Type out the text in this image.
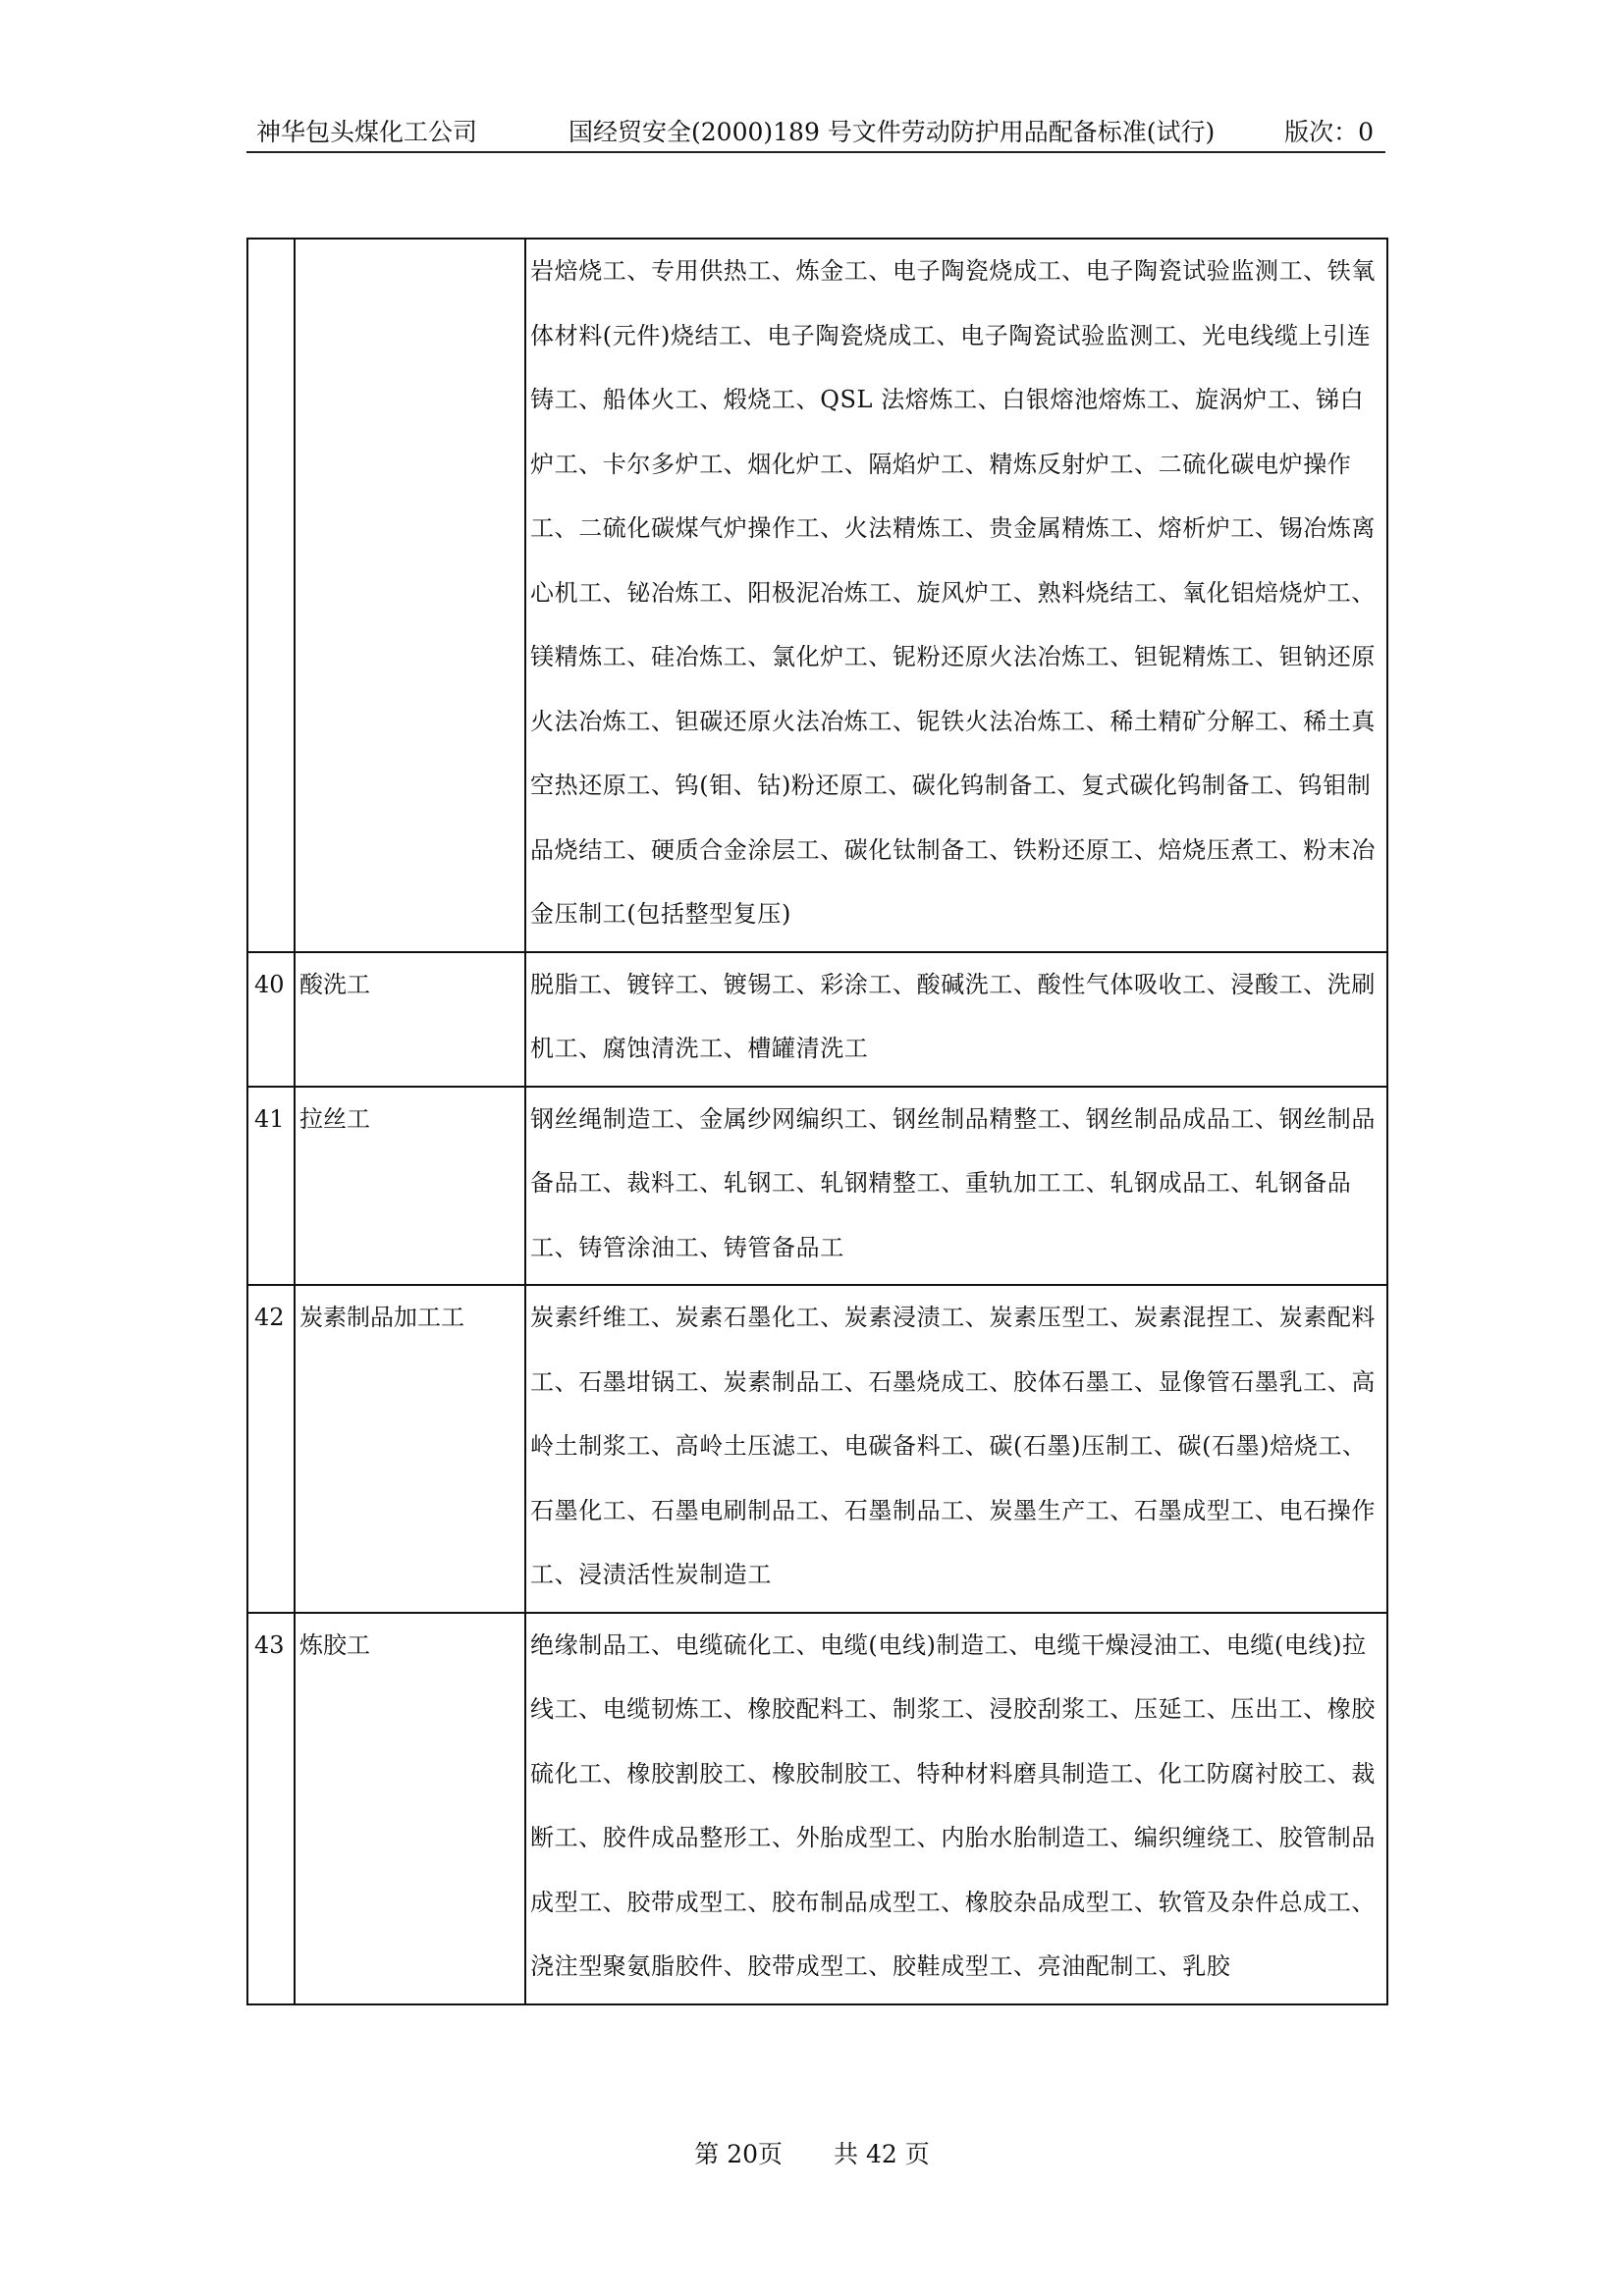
神华包头煤化工公司	国经贸安全(2000)189 号文件劳动防护用品配备标准(试行)	版次：0

		岩焙烧工、专用供热工、炼金工、电子陶瓷烧成工、电子陶瓷试验监测工、铁氧体材料(元件)烧结工、电子陶瓷烧成工、电子陶瓷试验监测工、光电线缆上引连铸工、船体火工、煅烧工、QSL 法熔炼工、白银熔池熔炼工、旋涡炉工、锑白炉工、卡尔多炉工、烟化炉工、隔焰炉工、精炼反射炉工、二硫化碳电炉操作工、二硫化碳煤气炉操作工、火法精炼工、贵金属精炼工、熔析炉工、锡冶炼离心机工、铋冶炼工、阳极泥冶炼工、旋风炉工、熟料烧结工、氧化铝焙烧炉工、镁精炼工、硅冶炼工、氯化炉工、铌粉还原火法冶炼工、钽铌精炼工、钽钠还原火法冶炼工、钽碳还原火法冶炼工、铌铁火法冶炼工、稀土精矿分解工、稀土真空热还原工、钨(钼、钴)粉还原工、碳化钨制备工、复式碳化钨制备工、钨钼制品烧结工、硬质合金涂层工、碳化钛制备工、铁粉还原工、焙烧压煮工、粉末冶金压制工(包括整型复压)

40	酸洗工	脱脂工、镀锌工、镀锡工、彩涂工、酸碱洗工、酸性气体吸收工、浸酸工、洗刷机工、腐蚀清洗工、槽罐清洗工

41	拉丝工	钢丝绳制造工、金属纱网编织工、钢丝制品精整工、钢丝制品成品工、钢丝制品备品工、裁料工、轧钢工、轧钢精整工、重轨加工工、轧钢成品工、轧钢备品工、铸管涂油工、铸管备品工

42	炭素制品加工工	炭素纤维工、炭素石墨化工、炭素浸渍工、炭素压型工、炭素混捏工、炭素配料工、石墨坩锅工、炭素制品工、石墨烧成工、胶体石墨工、显像管石墨乳工、高岭土制浆工、高岭土压滤工、电碳备料工、碳(石墨)压制工、碳(石墨)焙烧工、石墨化工、石墨电刷制品工、石墨制品工、炭墨生产工、石墨成型工、电石操作工、浸渍活性炭制造工

43	炼胶工	绝缘制品工、电缆硫化工、电缆(电线)制造工、电缆干燥浸油工、电缆(电线)拉线工、电缆韧炼工、橡胶配料工、制浆工、浸胶刮浆工、压延工、压出工、橡胶硫化工、橡胶割胶工、橡胶制胶工、特种材料磨具制造工、化工防腐衬胶工、裁断工、胶件成品整形工、外胎成型工、内胎水胎制造工、编织缠绕工、胶管制品成型工、胶带成型工、胶布制品成型工、橡胶杂品成型工、软管及杂件总成工、浇注型聚氨脂胶件、胶带成型工、胶鞋成型工、亮油配制工、乳胶
第 20页 共 42 页
